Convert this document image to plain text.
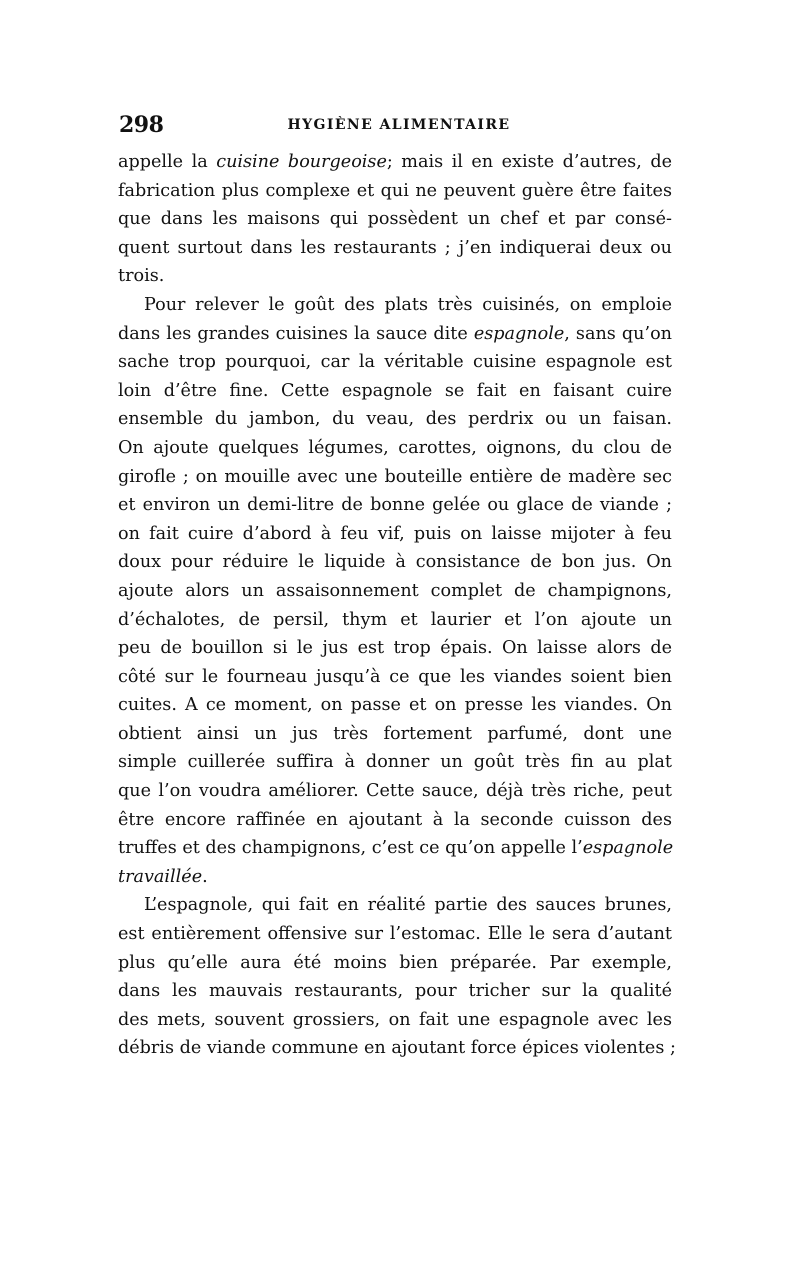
298	HYGIÈNE ALIMENTAIRE
appelle la cuisine bourgeoise; mais il en existe d’autres, de
fabrication plus complexe et qui ne peuvent guère être faites
que dans les maisons qui possèdent un chef et par consé-
quent surtout dans les restaurants ; j’en indiquerai deux ou
trois.
Pour relever le goût des plats très cuisinés, on emploie
dans les grandes cuisines la sauce dite espagnole, sans qu’on
sache trop pourquoi, car la véritable cuisine espagnole est
loin d’être fine. Cette espagnole se fait en faisant cuire
ensemble du jambon, du veau, des perdrix ou un faisan.
On ajoute quelques légumes, carottes, oignons, du clou de
girofle ; on mouille avec une bouteille entière de madère sec
et environ un demi-litre de bonne gelée ou glace de viande ;
on fait cuire d’abord à feu vif, puis on laisse mijoter à feu
doux pour réduire le liquide à consistance de bon jus. On
ajoute alors un assaisonnement complet de champignons,
d’échalotes, de persil, thym et laurier et l’on ajoute un
peu de bouillon si le jus est trop épais. On laisse alors de
côté sur le fourneau jusqu’à ce que les viandes soient bien
cuites. A ce moment, on passe et on presse les viandes. On
obtient ainsi un jus très fortement parfumé, dont une
simple cuillerée suffira à donner un goût très fin au plat
que l’on voudra améliorer. Cette sauce, déjà très riche, peut
être encore raffinée en ajoutant à la seconde cuisson des
truffes et des champignons, c’est ce qu’on appelle l’espagnole
travaillée.
L’espagnole, qui fait en réalité partie des sauces brunes,
est entièrement offensive sur l’estomac. Elle le sera d’autant
plus qu’elle aura été moins bien préparée. Par exemple,
dans les mauvais restaurants, pour tricher sur la qualité
des mets, souvent grossiers, on fait une espagnole avec les
débris de viande commune en ajoutant force épices violentes ;
